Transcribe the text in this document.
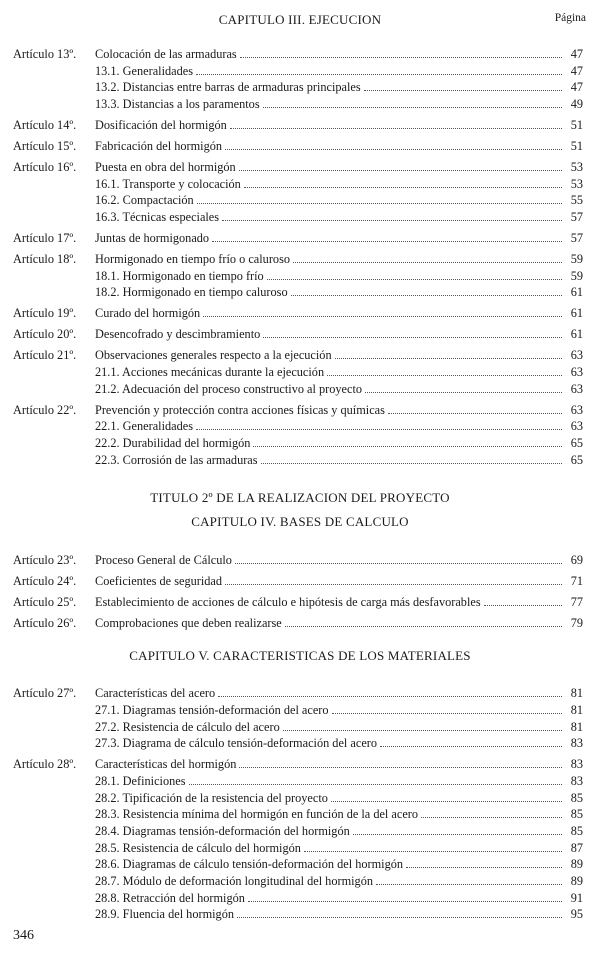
Página
CAPITULO III. EJECUCION
Artículo 13º. Colocación de las armaduras	47
13.1. Generalidades	47
13.2. Distancias entre barras de armaduras principales	47
13.3. Distancias a los paramentos	49
Artículo 14º. Dosificación del hormigón	51
Artículo 15º. Fabricación del hormigón	51
Artículo 16º. Puesta en obra del hormigón	53
16.1. Transporte y colocación	53
16.2. Compactación	55
16.3. Técnicas especiales	57
Artículo 17º. Juntas de hormigonado	57
Artículo 18º. Hormigonado en tiempo frío o caluroso	59
18.1. Hormigonado en tiempo frío	59
18.2. Hormigonado en tiempo caluroso	61
Artículo 19º. Curado del hormigón	61
Artículo 20º. Desencofrado y descimbramiento	61
Artículo 21º. Observaciones generales respecto a la ejecución	63
21.1. Acciones mecánicas durante la ejecución	63
21.2. Adecuación del proceso constructivo al proyecto	63
Artículo 22º. Prevención y protección contra acciones físicas y químicas	63
22.1. Generalidades	63
22.2. Durabilidad del hormigón	65
22.3. Corrosión de las armaduras	65
TITULO 2º DE LA REALIZACION DEL PROYECTO
CAPITULO IV. BASES DE CALCULO
Artículo 23º. Proceso General de Cálculo	69
Artículo 24º. Coeficientes de seguridad	71
Artículo 25º. Establecimiento de acciones de cálculo e hipótesis de carga más desfavorables	77
Artículo 26º. Comprobaciones que deben realizarse	79
CAPITULO V. CARACTERISTICAS DE LOS MATERIALES
Artículo 27º. Características del acero	81
27.1. Diagramas tensión-deformación del acero	81
27.2. Resistencia de cálculo del acero	81
27.3. Diagrama de cálculo tensión-deformación del acero	83
Artículo 28º. Características del hormigón	83
28.1. Definiciones	83
28.2. Tipificación de la resistencia del proyecto	85
28.3. Resistencia mínima del hormigón en función de la del acero	85
28.4. Diagramas tensión-deformación del hormigón	85
28.5. Resistencia de cálculo del hormigón	87
28.6. Diagramas de cálculo tensión-deformación del hormigón	89
28.7. Módulo de deformación longitudinal del hormigón	89
28.8. Retracción del hormigón	91
28.9. Fluencia del hormigón	95
346
